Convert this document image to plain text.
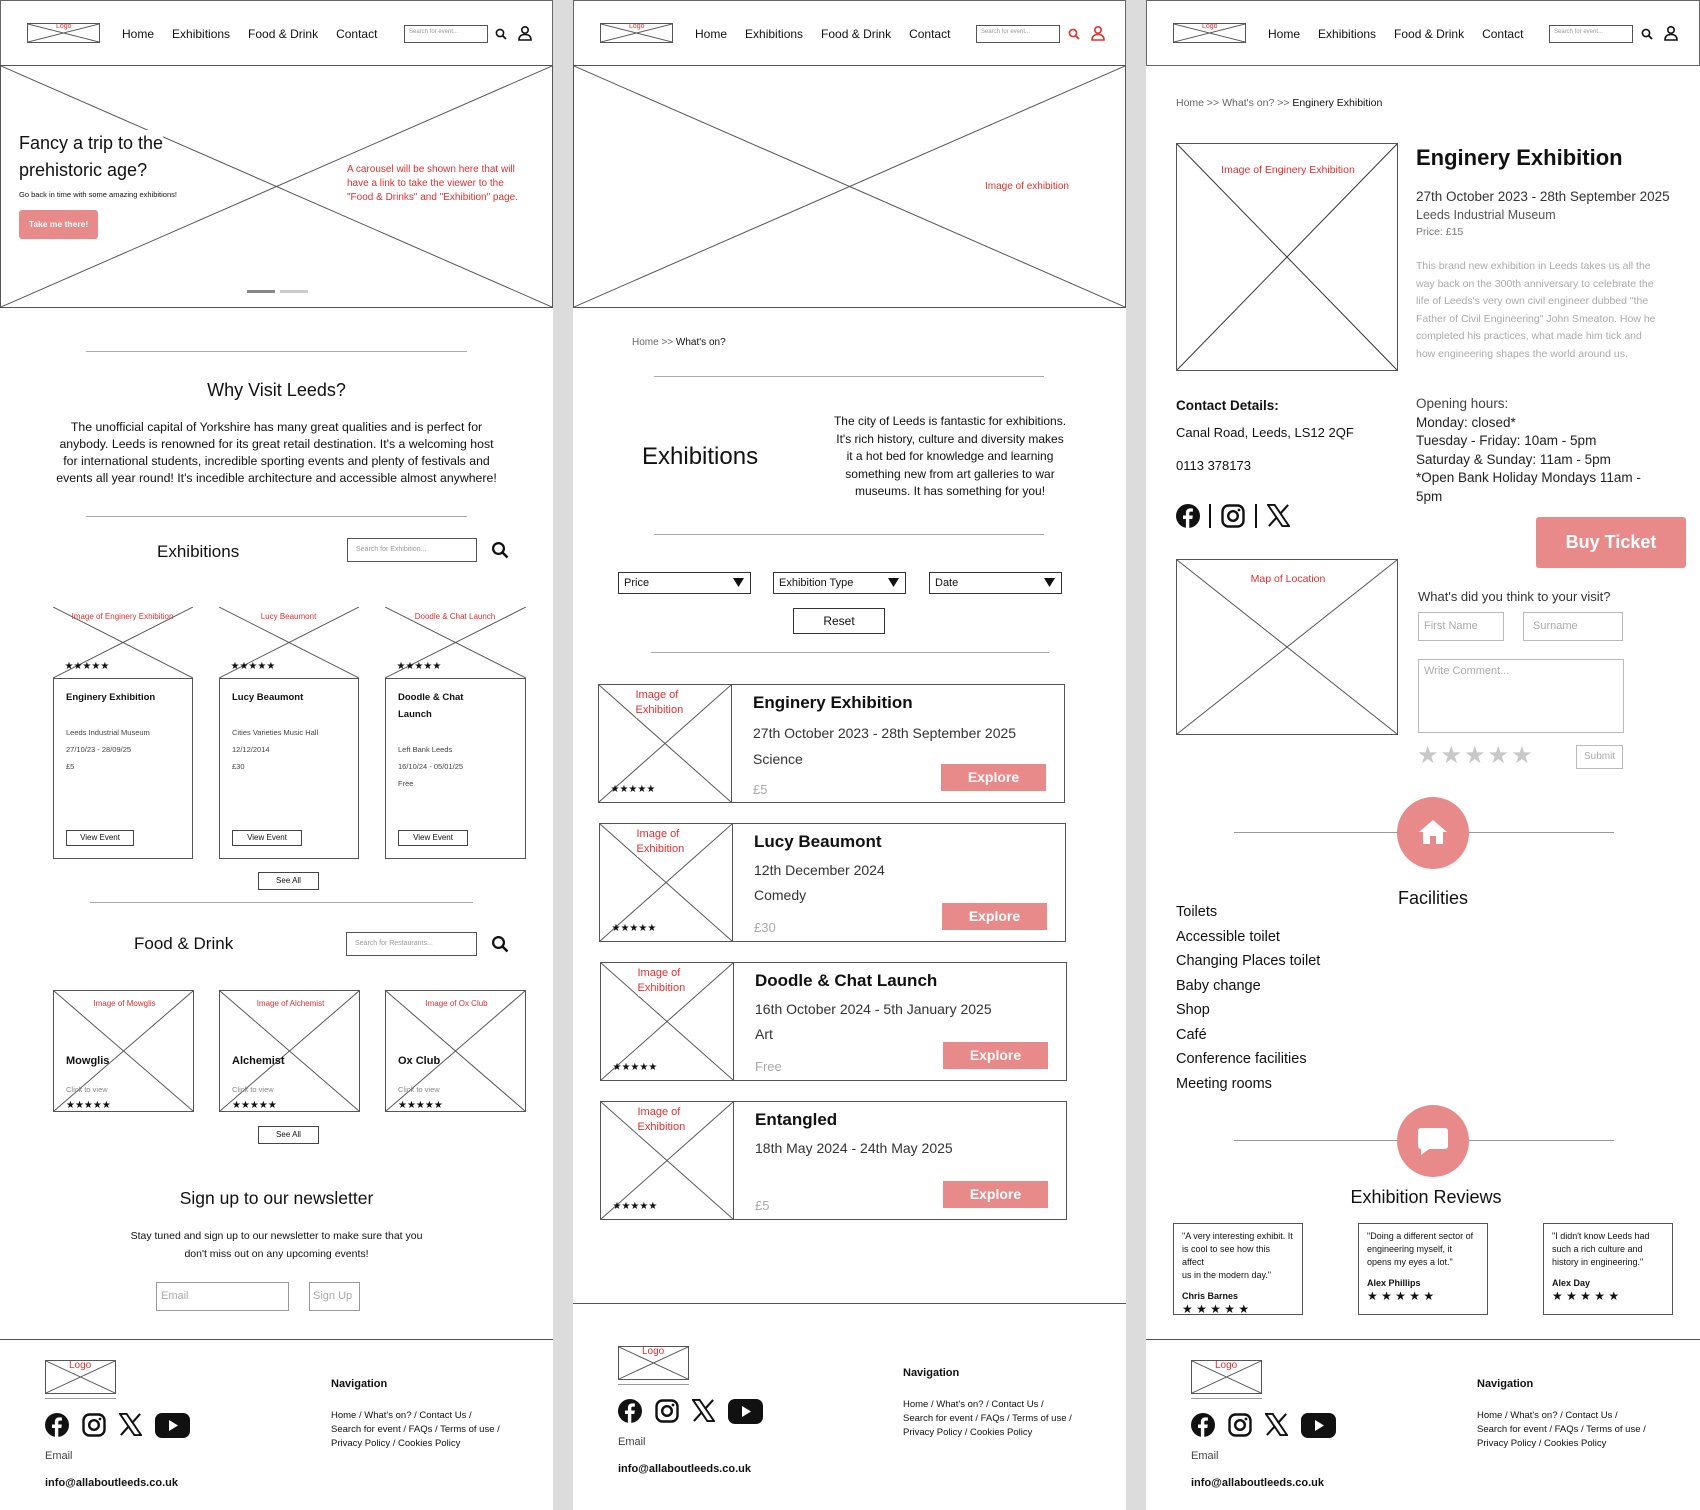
Logo
Home Exhibitions Food & Drink Contact	Search for event...
Fancy a trip to the
prehistoric age?
Go back in time with some amazing exhibitions!
Take me there!
A carousel will be shown here that will
have a link to take the viewer to the
"Food & Drinks" and "Exhibition" page.
Why Visit Leeds?
The unofficial capital of Yorkshire has many great qualities and is perfect for
anybody. Leeds is renowned for its great retail destination. It's a welcoming host
for international students, incredible sporting events and plenty of festivals and
events all year round! It's incedible architecture and accessible almost anywhere!
Exhibitions	Search for Exhibition...
Image of Enginery Exhibition
★★★★★
Enginery Exhibition
Leeds Industrial Museum
27/10/23 - 28/09/25
£5
View Event
Lucy Beaumont
★★★★★
Lucy Beaumont
Cities Varieties Music Hall
12/12/2014
£30
View Event
Doodle & Chat Launch
★★★★★
Doodle & Chat
Launch
Left Bank Leeds
16/10/24 - 05/01/25
Free
View Event
See All
Food & Drink	Search for Restaurants...
Image of Mowglis
Mowglis
Click to view
★★★★★
Image of Alchemist
Alchemist
Click to view
★★★★★
Image of Ox Club
Ox Club
Click to view
★★★★★
See All
Sign up to our newsletter
Stay tuned and sign up to our newsletter to make sure that you
don't miss out on any upcoming events!
Email	Sign Up
Logo
Email
info@allaboutleeds.co.uk
Navigation
Home / What's on? / Contact Us /
Search for event / FAQs / Terms of use /
Privacy Policy / Cookies Policy
Logo
Home Exhibitions Food & Drink Contact	Search for event...
Image of exhibition
Home >> What's on?
Exhibitions
The city of Leeds is fantastic for exhibitions.
It's rich history, culture and diversity makes
it a hot bed for knowledge and learning
something new from art galleries to war
museums. It has something for you!
Price	Exhibition Type	Date
Reset
Image of
Exhibition
★★★★★
Enginery Exhibition
27th October 2023 - 28th September 2025
Science
£5
Explore
Image of
Exhibition
★★★★★
Lucy Beaumont
12th December 2024
Comedy
£30
Explore
Image of
Exhibition
★★★★★
Doodle & Chat Launch
16th October 2024 - 5th January 2025
Art
Free
Explore
Image of
Exhibition
★★★★★
Entangled
18th May 2024 - 24th May 2025
£5
Explore
Logo
Email
info@allaboutleeds.co.uk
Navigation
Home / What's on? / Contact Us /
Search for event / FAQs / Terms of use /
Privacy Policy / Cookies Policy
Logo
Home Exhibitions Food & Drink Contact	Search for event...
Home >> What's on? >> Enginery Exhibition
Image of Enginery Exhibition	Enginery Exhibition
27th October 2023 - 28th September 2025
Leeds Industrial Museum
Price: £15
This brand new exhibition in Leeds takes us all the
way back on the 300th anniversary to celebrate the
life of Leeds's very own civil engineer dubbed "the
Father of Civil Engineering" John Smeaton. How he
completed his practices, what made him tick and
how engineering shapes the world around us.
Contact Details:
Canal Road, Leeds, LS12 2QF
0113 378173
Opening hours:
Monday: closed*
Tuesday - Friday: 10am - 5pm
Saturday & Sunday: 11am - 5pm
*Open Bank Holiday Mondays 11am -
5pm
Buy Ticket
Map of Location
What's did you think to your visit?
First Name	Surname
Write Comment...
★★★★★	Submit
Facilities
Toilets
Accessible toilet
Changing Places toilet
Baby change
Shop
Café
Conference facilities
Meeting rooms
Exhibition Reviews
"A very interesting exhibit. It
is cool to see how this affect
us in the modern day."
Chris Barnes
★ ★ ★ ★ ★
"Doing a different sector of
engineering myself, it
opens my eyes a lot."
Alex Phillips
★ ★ ★ ★ ★
"I didn't know Leeds had
such a rich culture and
history in engineering."
Alex Day
★ ★ ★ ★ ★
Logo
Email
info@allaboutleeds.co.uk
Navigation
Home / What's on? / Contact Us /
Search for event / FAQs / Terms of use /
Privacy Policy / Cookies Policy
